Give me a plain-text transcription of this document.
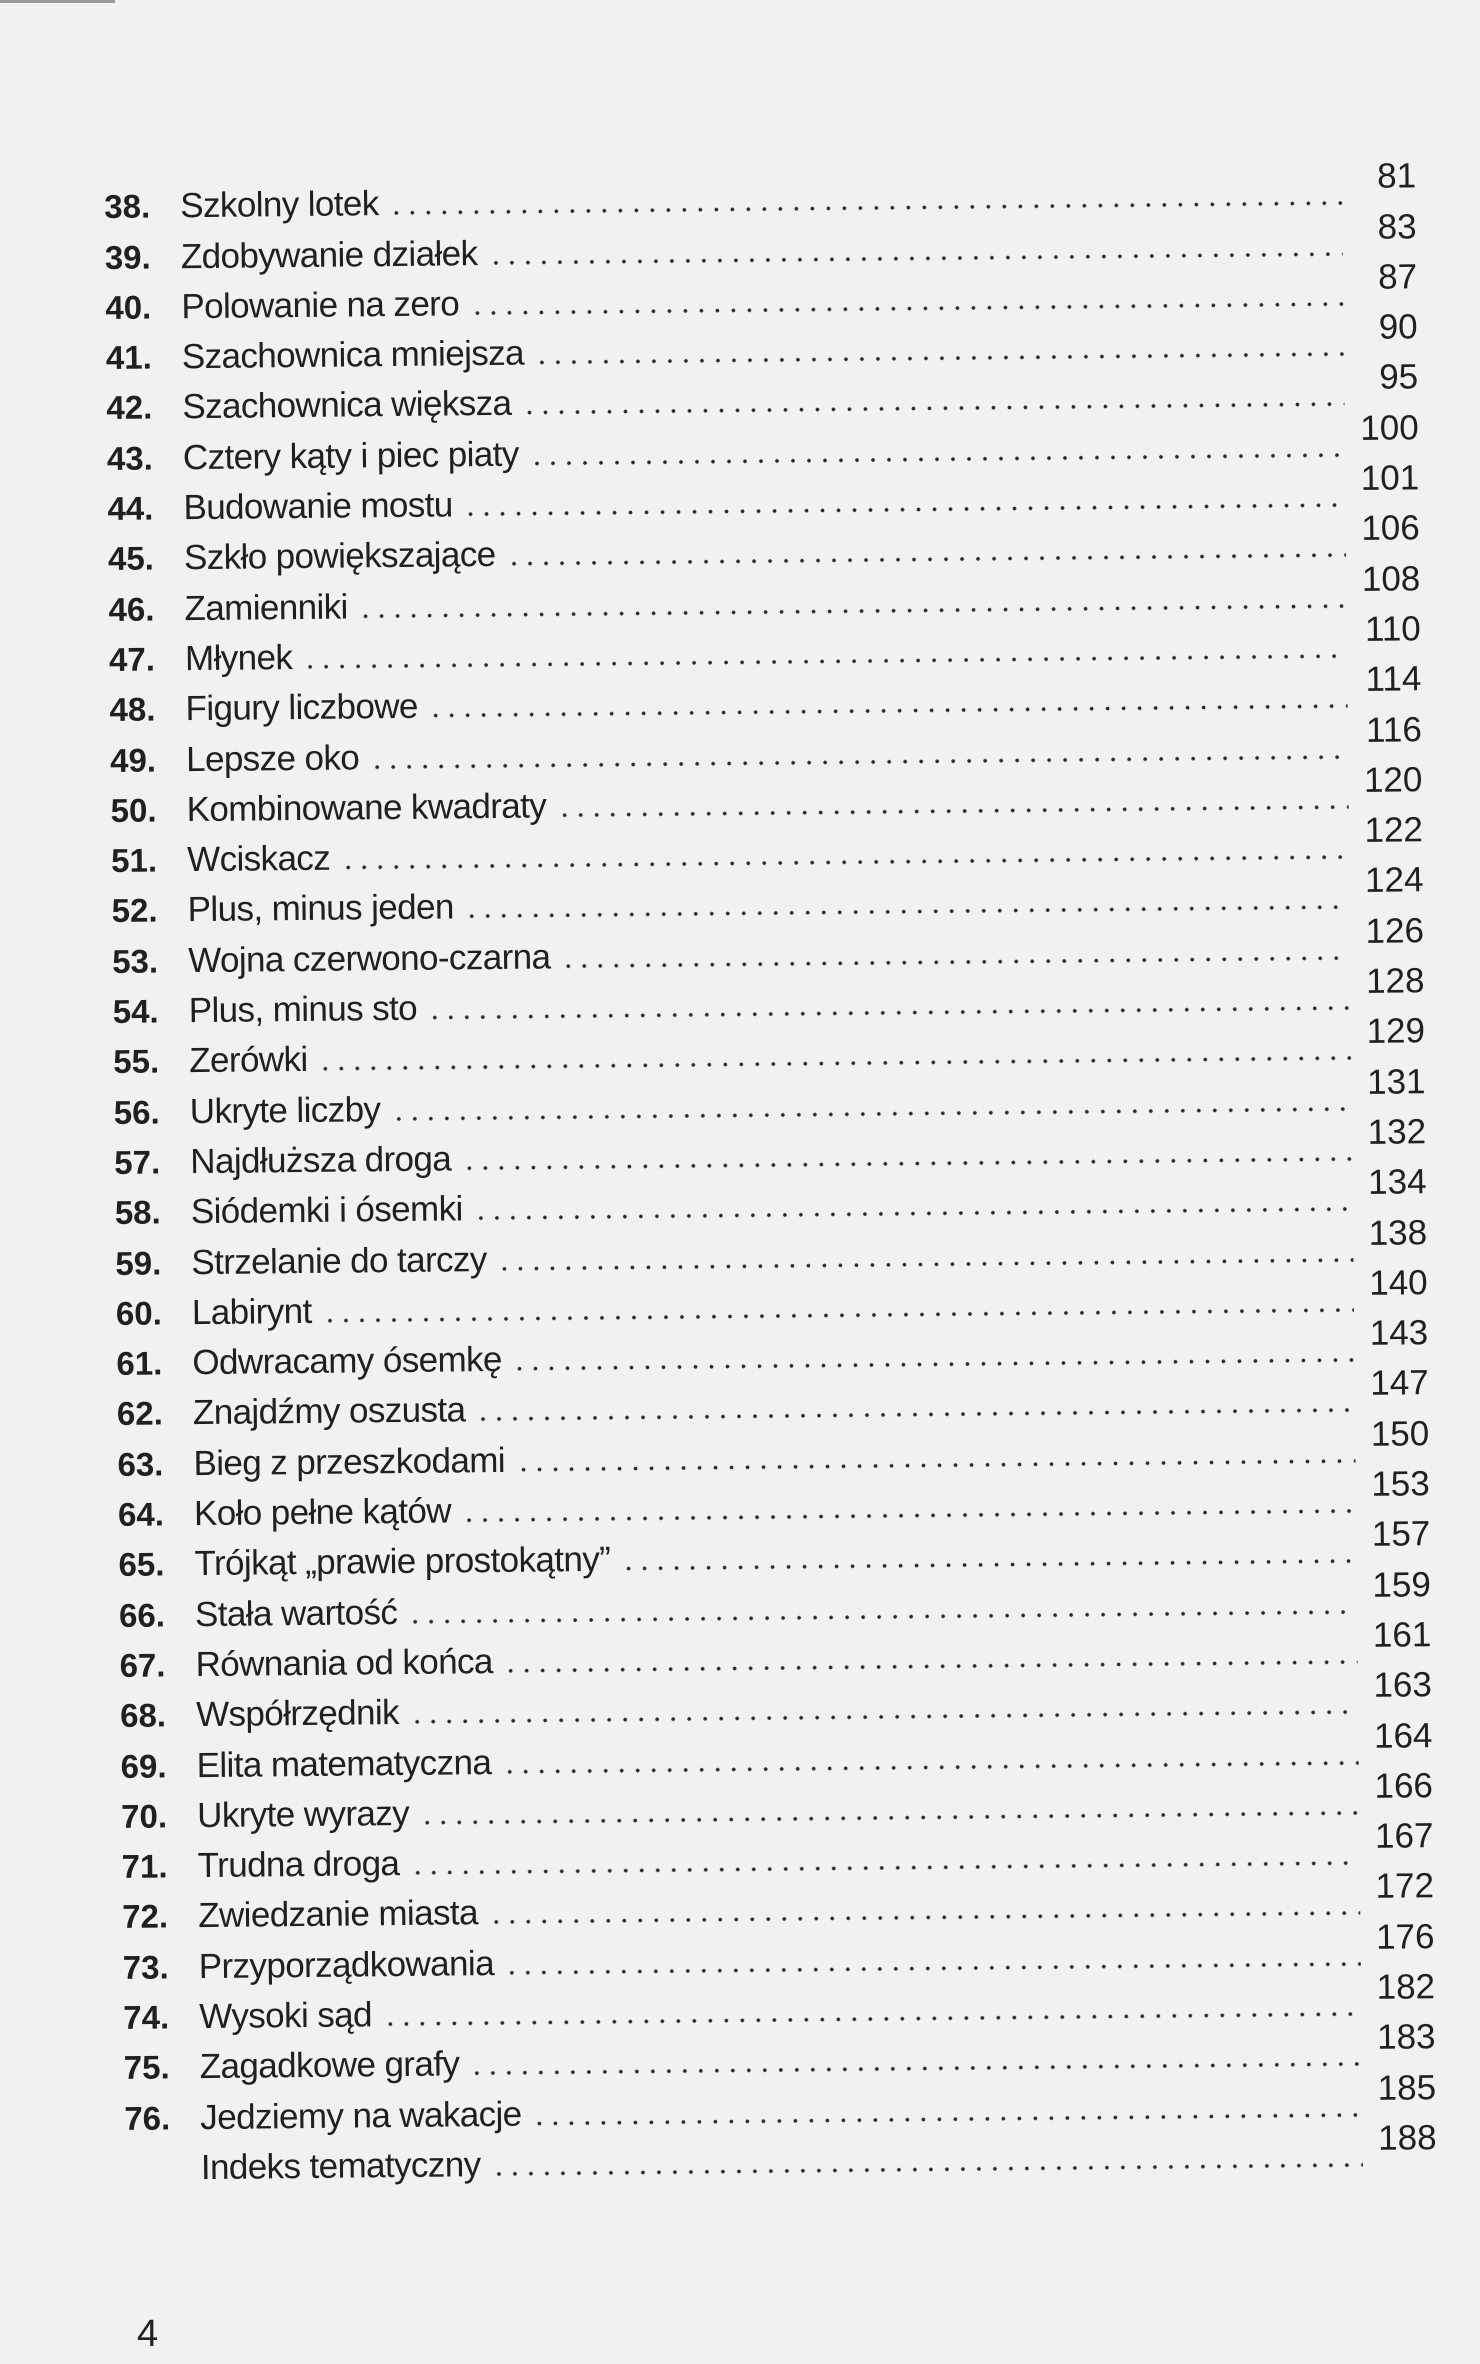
38. Szkolny lotek
81
39. Zdobywanie działek
83
40. Polowanie na zero
87
41. Szachownica mniejsza
90
42. Szachownica większa
95
43. Cztery kąty i piec piaty
100
44. Budowanie mostu
101
45. Szkło powiększające
106
46. Zamienniki
108
47. Młynek
110
48. Figury liczbowe
114
49. Lepsze oko
116
50. Kombinowane kwadraty
120
51. Wciskacz
122
52. Plus, minus jeden
124
53. Wojna czerwono-czarna
126
54. Plus, minus sto
128
55. Zerówki
129
56. Ukryte liczby
131
57. Najdłuższa droga
132
58. Siódemki i ósemki
134
59. Strzelanie do tarczy
138
60. Labirynt
140
61. Odwracamy ósemkę
143
62. Znajdźmy oszusta
147
63. Bieg z przeszkodami
150
64. Koło pełne kątów
153
65. Trójkąt „prawie prostokątny”
157
66. Stała wartość
159
67. Równania od końca
161
68. Współrzędnik
163
69. Elita matematyczna
164
70. Ukryte wyrazy
166
71. Trudna droga
167
72. Zwiedzanie miasta
172
73. Przyporządkowania
176
74. Wysoki sąd
182
75. Zagadkowe grafy
183
76. Jedziemy na wakacje
185
Indeks tematyczny
188
4
